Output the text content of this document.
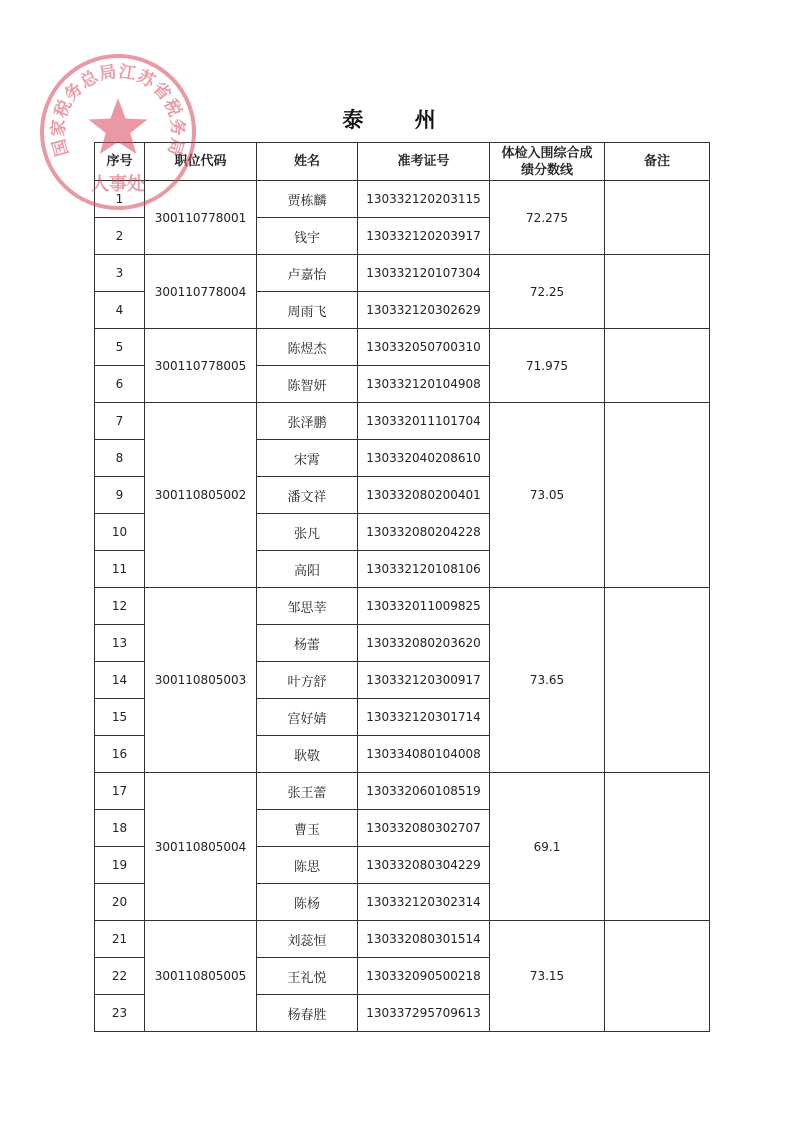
泰 州
序号	职位代码	姓名	准考证号	体检入围综合成绩分数线	备注
1	300110778001	贾栋麟	130332120203115	72.275	
2		钱宇	130332120203917		
3	300110778004	卢嘉怡	130332120107304	72.25	
4		周雨飞	130332120302629		
5	300110778005	陈煜杰	130332050700310	71.975	
6		陈智妍	130332120104908		
7	300110805002	张泽鹏	130332011101704	73.05	
8		宋霄	130332040208610		
9		潘文祥	130332080200401		
10		张凡	130332080204228		
11		高阳	130332120108106		
12	300110805003	邹思莘	130332011009825	73.65	
13		杨蕾	130332080203620		
14		叶方舒	130332120300917		
15		宫好婧	130332120301714		
16		耿敬	130334080104008		
17	300110805004	张王蕾	130332060108519	69.1	
18		曹玉	130332080302707		
19		陈思	130332080304229		
20		陈杨	130332120302314		
21	300110805005	刘蕊恒	130332080301514	73.15	
22		王礼悦	130332090500218		
23		杨春胜	130337295709613		
国家税务总局江苏省税务局
人事处
